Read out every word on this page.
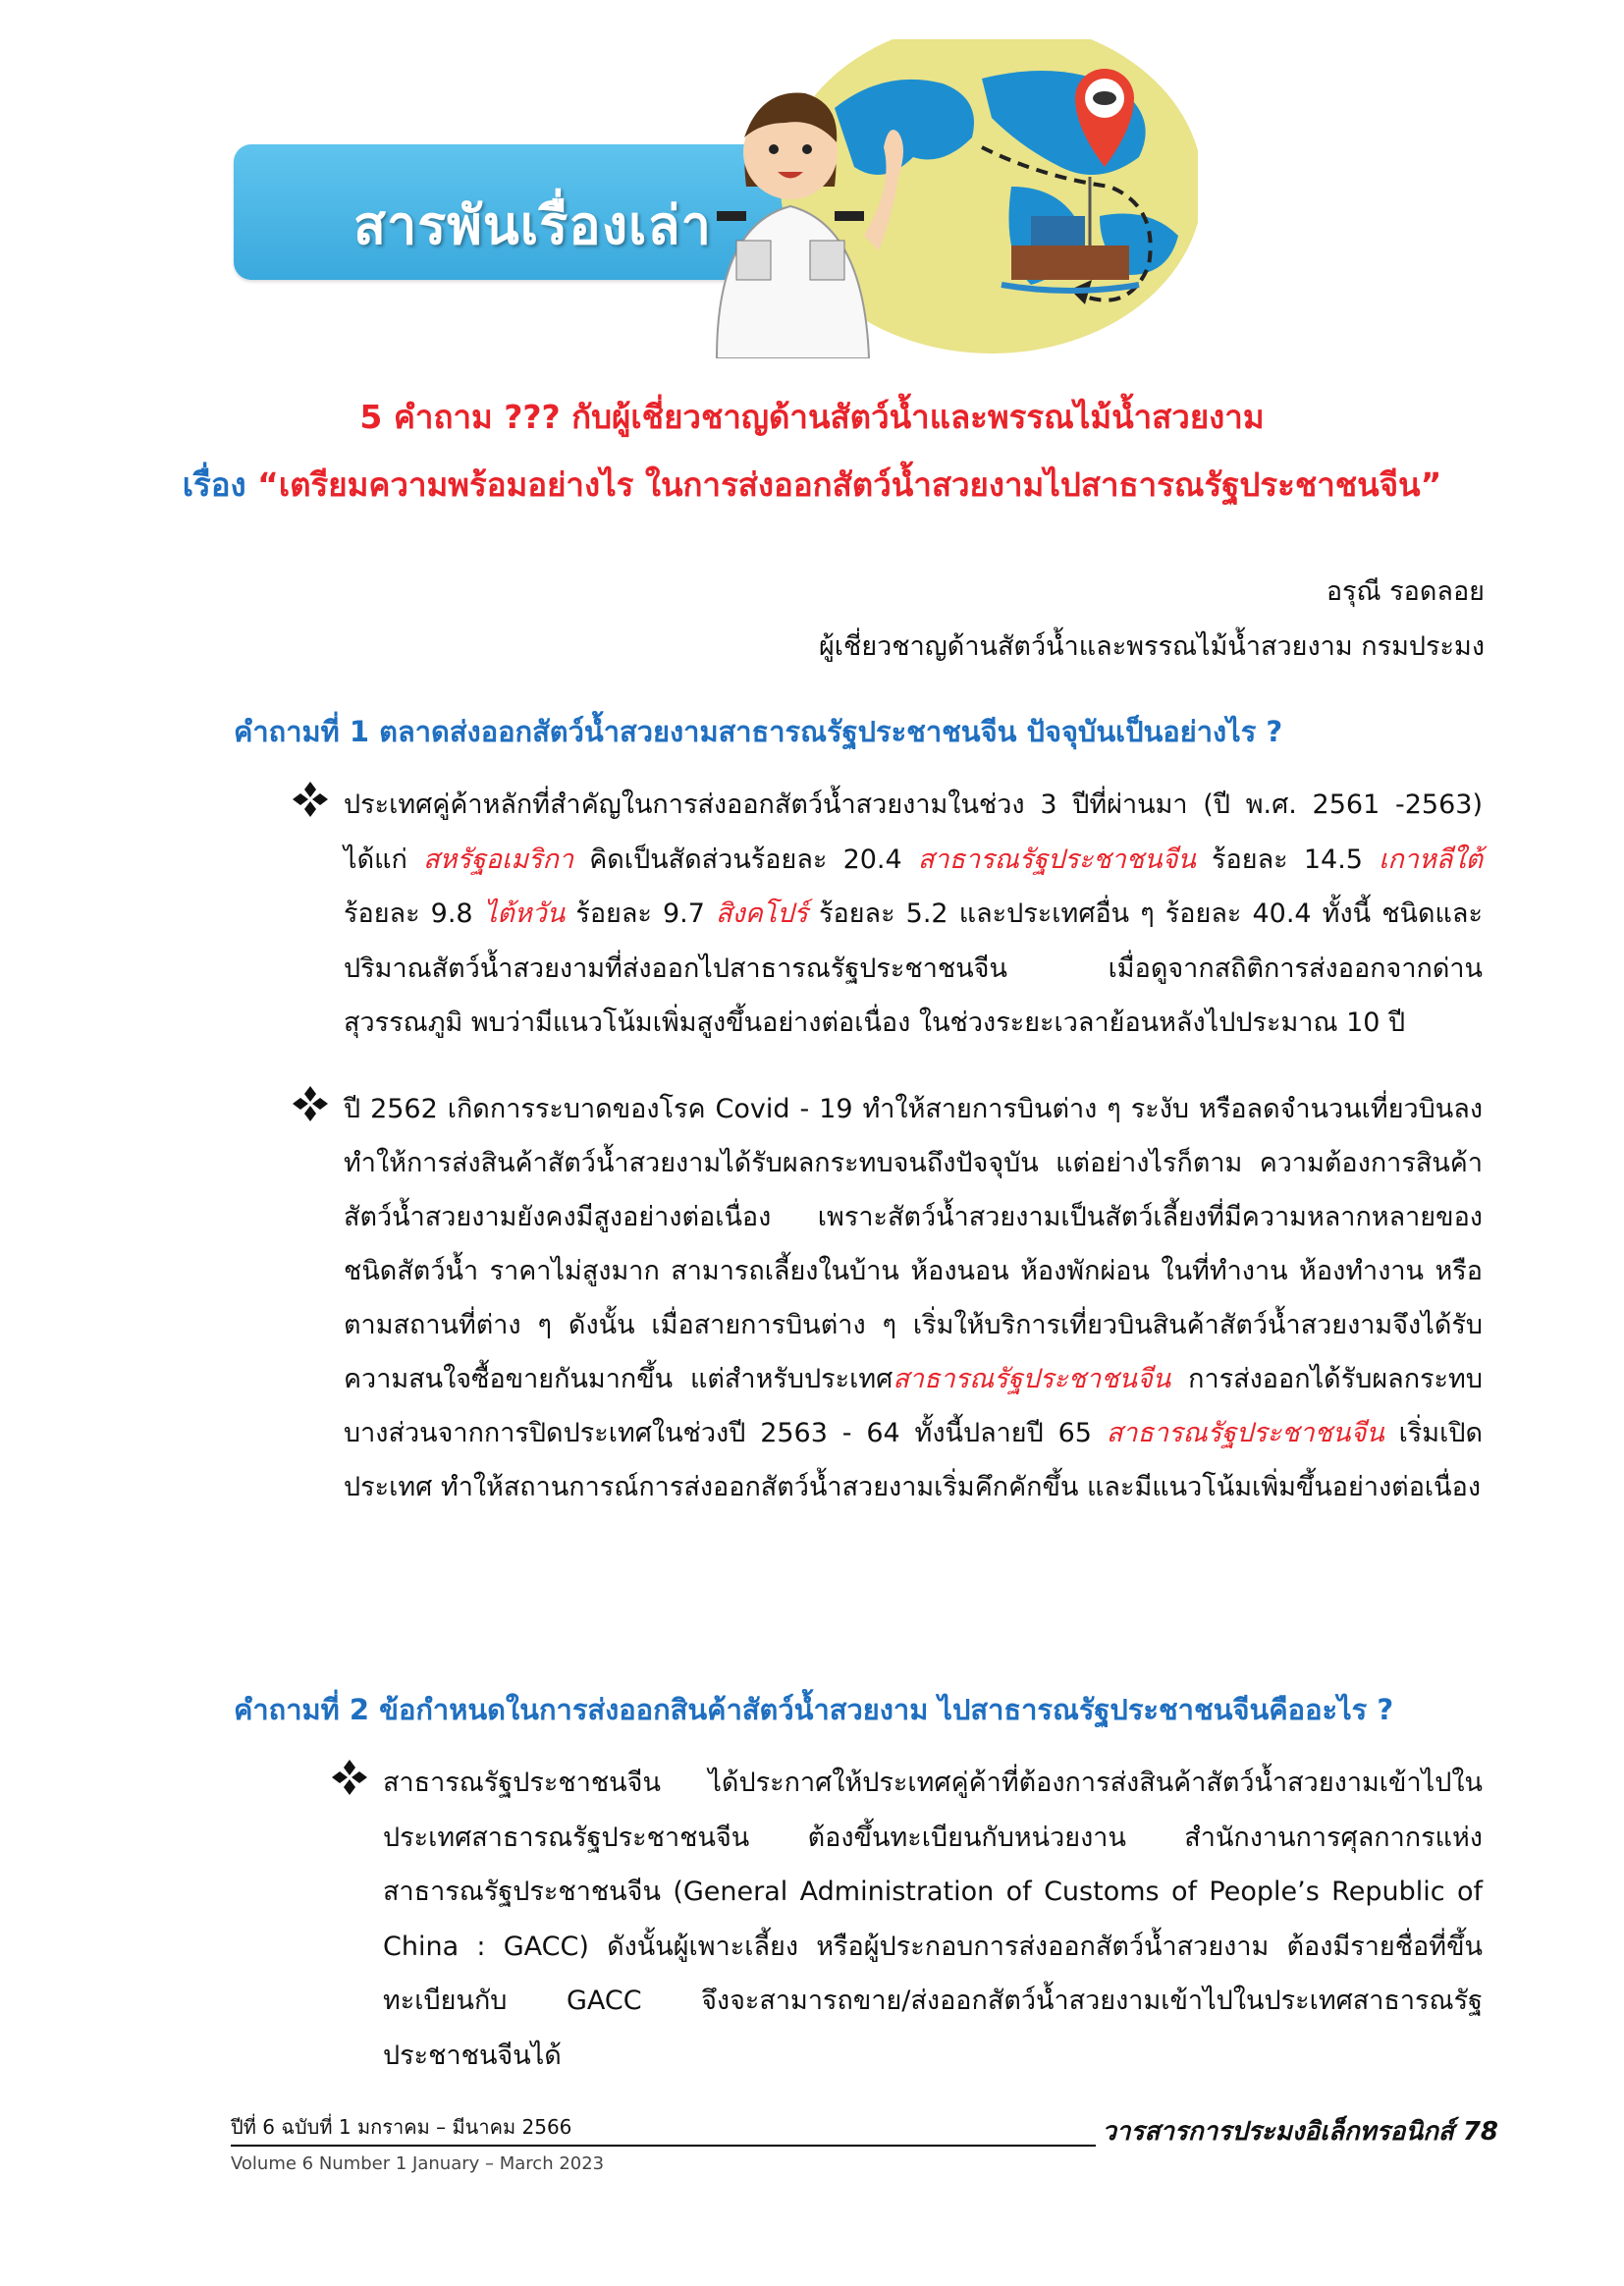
สารพันเรื่องเล่า
5 คำถาม ??? กับผู้เชี่ยวชาญด้านสัตว์น้ำและพรรณไม้น้ำสวยงาม
เรื่อง “เตรียมความพร้อมอย่างไร ในการส่งออกสัตว์น้ำสวยงามไปสาธารณรัฐประชาชนจีน”
อรุณี รอดลอย
ผู้เชี่ยวชาญด้านสัตว์น้ำและพรรณไม้น้ำสวยงาม กรมประมง
คำถามที่ 1 ตลาดส่งออกสัตว์น้ำสวยงามสาธารณรัฐประชาชนจีน ปัจจุบันเป็นอย่างไร ?
ประเทศคู่ค้าหลักที่สำคัญในการส่งออกสัตว์น้ำสวยงามในช่วง 3 ปีที่ผ่านมา (ปี พ.ศ. 2561 -2563) ได้แก่ สหรัฐอเมริกา คิดเป็นสัดส่วนร้อยละ 20.4 สาธารณรัฐประชาชนจีน ร้อยละ 14.5 เกาหลีใต้ ร้อยละ 9.8 ไต้หวัน ร้อยละ 9.7 สิงคโปร์ ร้อยละ 5.2 และประเทศอื่น ๆ ร้อยละ 40.4 ทั้งนี้ ชนิดและปริมาณสัตว์น้ำสวยงามที่ส่งออกไปสาธารณรัฐประชาชนจีน เมื่อดูจากสถิติการส่งออกจากด่านสุวรรณภูมิ พบว่ามีแนวโน้มเพิ่มสูงขึ้นอย่างต่อเนื่อง ในช่วงระยะเวลาย้อนหลังไปประมาณ 10 ปี
ปี 2562 เกิดการระบาดของโรค Covid - 19 ทำให้สายการบินต่าง ๆ ระงับ หรือลดจำนวนเที่ยวบินลง ทำให้การส่งสินค้าสัตว์น้ำสวยงามได้รับผลกระทบจนถึงปัจจุบัน แต่อย่างไรก็ตาม ความต้องการสินค้าสัตว์น้ำสวยงามยังคงมีสูงอย่างต่อเนื่อง เพราะสัตว์น้ำสวยงามเป็นสัตว์เลี้ยงที่มีความหลากหลายของชนิดสัตว์น้ำ ราคาไม่สูงมาก สามารถเลี้ยงในบ้าน ห้องนอน ห้องพักผ่อน ในที่ทำงาน ห้องทำงาน หรือตามสถานที่ต่าง ๆ ดังนั้น เมื่อสายการบินต่าง ๆ เริ่มให้บริการเที่ยวบินสินค้าสัตว์น้ำสวยงามจึงได้รับความสนใจซื้อขายกันมากขึ้น แต่สำหรับประเทศสาธารณรัฐประชาชนจีน การส่งออกได้รับผลกระทบบางส่วนจากการปิดประเทศในช่วงปี 2563 - 64 ทั้งนี้ปลายปี 65 สาธารณรัฐประชาชนจีน เริ่มเปิดประเทศ ทำให้สถานการณ์การส่งออกสัตว์น้ำสวยงามเริ่มคึกคักขึ้น และมีแนวโน้มเพิ่มขึ้นอย่างต่อเนื่อง
คำถามที่ 2 ข้อกำหนดในการส่งออกสินค้าสัตว์น้ำสวยงาม ไปสาธารณรัฐประชาชนจีนคืออะไร ?
สาธารณรัฐประชาชนจีน ได้ประกาศให้ประเทศคู่ค้าที่ต้องการส่งสินค้าสัตว์น้ำสวยงามเข้าไปในประเทศสาธารณรัฐประชาชนจีน ต้องขึ้นทะเบียนกับหน่วยงาน สำนักงานการศุลกากรแห่งสาธารณรัฐประชาชนจีน (General Administration of Customs of People’s Republic of China : GACC) ดังนั้นผู้เพาะเลี้ยง หรือผู้ประกอบการส่งออกสัตว์น้ำสวยงาม ต้องมีรายชื่อที่ขึ้นทะเบียนกับ GACC จึงจะสามารถขาย/ส่งออกสัตว์น้ำสวยงามเข้าไปในประเทศสาธารณรัฐประชาชนจีนได้
ปีที่ 6 ฉบับที่ 1 มกราคม – มีนาคม 2566
Volume 6 Number 1 January – March 2023
วารสารการประมงอิเล็กทรอนิกส์ 78
